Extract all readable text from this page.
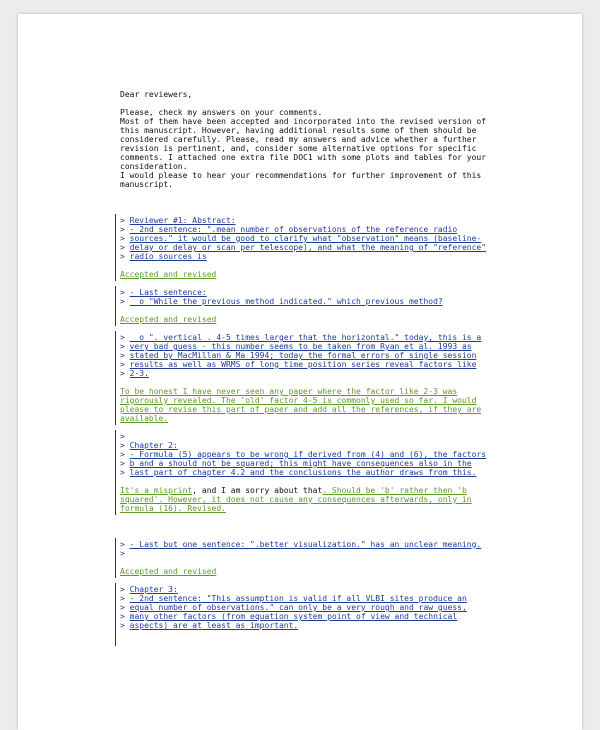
Dear reviewers,
Please, check my answers on your comments.
Most of them have been accepted and incorporated into the revised version of
this manuscript. However, having additional results some of them should be
considered carefully. Please, read my answers and advice whether a further
revision is pertinent, and, consider some alternative options for specific
comments. I attached one extra file DOC1 with some plots and tables for your
consideration.
I would please to hear your recommendations for further improvement of this
manuscript.
> Reviewer #1: Abstract:
> - 2nd sentence: ".mean number of observations of the reference radio
> sources." it would be good to clarify what "observation" means (baseline-
> delay or delay or scan per telescope), and what the meaning of "reference"
> radio sources is
Accepted and revised
> - Last sentence:
>   o "While the previous method indicated." which previous method?
Accepted and revised
>   o ". vertical . 4-5 times larger that the horizontal." today, this is a
> very bad guess - this number seems to be taken from Ryan et al. 1993 as
> stated by MacMillan & Ma 1994; today the formal errors of single session
> results as well as WRMS of long time position series reveal factors like
> 2-3.
To be honest I have never seen any paper where the factor like 2-3 was
rigorously revealed. The 'old' factor 4-5 is commonly used so far. I would
please to revise this part of paper and add all the references, if they are
available.
>
> Chapter 2:
> - Formula (5) appears to be wrong if derived from (4) and (6), the factors
> b and a should not be squared; this might have consequences also in the
> last part of chapter 4.2 and the conclusions the author draws from this.
It's a misprint, and I am sorry about that. Should be 'b' rather then 'b
squared'. However, it does not cause any consequences afterwards, only in
formula (16). Revised.
> - Last but one sentence: ".better visualization." has an unclear meaning.
>
Accepted and revised
> Chapter 3:
> - 2nd sentence: "This assumption is valid if all VLBI sites produce an
> equal number of observations." can only be a very rough and raw guess,
> many other factors (from equation system point of view and technical
> aspects) are at least as important.
